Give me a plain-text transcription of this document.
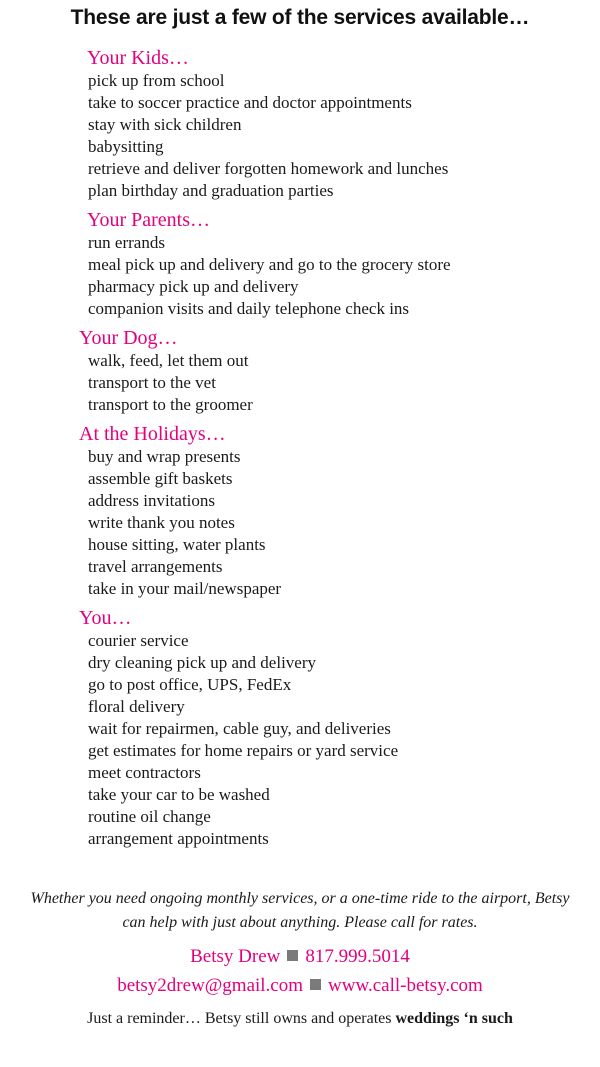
These are just a few of the services available…
Your Kids…
pick up from school
take to soccer practice and doctor appointments
stay with sick children
babysitting
retrieve and deliver forgotten homework and lunches
plan birthday and graduation parties
Your Parents…
run errands
meal pick up and delivery and go to the grocery store
pharmacy pick up and delivery
companion visits and daily telephone check ins
Your Dog…
walk, feed, let them out
transport to the vet
transport to the groomer
At the Holidays…
buy and wrap presents
assemble gift baskets
address invitations
write thank you notes
house sitting, water plants
travel arrangements
take in your mail/newspaper
You…
courier service
dry cleaning pick up and delivery
go to post office, UPS, FedEx
floral delivery
wait for repairmen, cable guy, and deliveries
get estimates for home repairs or yard service
meet contractors
take your car to be washed
routine oil change
arrangement appointments
Whether you need ongoing monthly services, or a one-time ride to the airport, Betsy can help with just about anything. Please call for rates.
Betsy Drew 817.999.5014
betsy2drew@gmail.com www.call-betsy.com
Just a reminder… Betsy still owns and operates weddings ‘n such
